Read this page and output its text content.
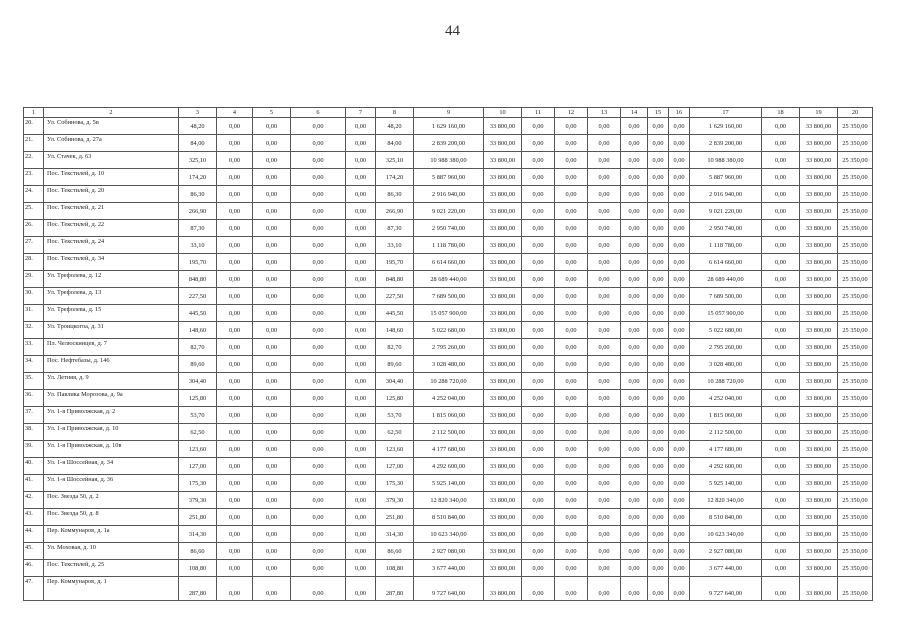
44
1	2	3	4	5	6	7	8	9	10	11	12	13	14	15	16	17	18	19	20
20.	Ул. Собинова, д. 5в	48,20	0,00	0,00	0,00	0,00	48,20	1 629 160,00	33 800,00	0,00	0,00	0,00	0,00	0,00	0,00	1 629 160,00	0,00	33 800,00	25 350,00
21.	Ул. Собинова, д. 27а	84,00	0,00	0,00	0,00	0,00	84,00	2 839 200,00	33 800,00	0,00	0,00	0,00	0,00	0,00	0,00	2 839 200,00	0,00	33 800,00	25 350,00
22.	Ул. Стачек, д. 63	325,10	0,00	0,00	0,00	0,00	325,10	10 988 380,00	33 800,00	0,00	0,00	0,00	0,00	0,00	0,00	10 988 380,00	0,00	33 800,00	25 350,00
23.	Пос. Текстилей, д. 10	174,20	0,00	0,00	0,00	0,00	174,20	5 887 960,00	33 800,00	0,00	0,00	0,00	0,00	0,00	0,00	5 887 960,00	0,00	33 800,00	25 350,00
24.	Пос. Текстилей, д. 20	86,30	0,00	0,00	0,00	0,00	86,30	2 916 940,00	33 800,00	0,00	0,00	0,00	0,00	0,00	0,00	2 916 940,00	0,00	33 800,00	25 350,00
25.	Пос. Текстилей, д. 21	266,90	0,00	0,00	0,00	0,00	266,90	9 021 220,00	33 800,00	0,00	0,00	0,00	0,00	0,00	0,00	9 021 220,00	0,00	33 800,00	25 350,00
26.	Пос. Текстилей, д. 22	87,30	0,00	0,00	0,00	0,00	87,30	2 950 740,00	33 800,00	0,00	0,00	0,00	0,00	0,00	0,00	2 950 740,00	0,00	33 800,00	25 350,00
27.	Пос. Текстилей, д. 24	33,10	0,00	0,00	0,00	0,00	33,10	1 118 780,00	33 800,00	0,00	0,00	0,00	0,00	0,00	0,00	1 118 780,00	0,00	33 800,00	25 350,00
28.	Пос. Текстилей, д. 34	195,70	0,00	0,00	0,00	0,00	195,70	6 614 660,00	33 800,00	0,00	0,00	0,00	0,00	0,00	0,00	6 614 660,00	0,00	33 800,00	25 350,00
29.	Ул. Трефолева, д. 12	848,80	0,00	0,00	0,00	0,00	848,80	28 689 440,00	33 800,00	0,00	0,00	0,00	0,00	0,00	0,00	28 689 440,00	0,00	33 800,00	25 350,00
30.	Ул. Трефолева, д. 13	227,50	0,00	0,00	0,00	0,00	227,50	7 689 500,00	33 800,00	0,00	0,00	0,00	0,00	0,00	0,00	7 689 500,00	0,00	33 800,00	25 350,00
31.	Ул. Трефолева, д. 15	445,50	0,00	0,00	0,00	0,00	445,50	15 057 900,00	33 800,00	0,00	0,00	0,00	0,00	0,00	0,00	15 057 900,00	0,00	33 800,00	25 350,00
32.	Ул. Троицкогоа, д. 31	148,60	0,00	0,00	0,00	0,00	148,60	5 022 680,00	33 800,00	0,00	0,00	0,00	0,00	0,00	0,00	5 022 680,00	0,00	33 800,00	25 350,00
33.	Пл. Челюскинцев, д. 7	82,70	0,00	0,00	0,00	0,00	82,70	2 795 260,00	33 800,00	0,00	0,00	0,00	0,00	0,00	0,00	2 795 260,00	0,00	33 800,00	25 350,00
34.	Пос. Нефтебазы, д. 146	89,60	0,00	0,00	0,00	0,00	89,60	3 028 480,00	33 800,00	0,00	0,00	0,00	0,00	0,00	0,00	3 028 480,00	0,00	33 800,00	25 350,00
35.	Ул. Летняя, д. 9	304,40	0,00	0,00	0,00	0,00	304,40	10 288 720,00	33 800,00	0,00	0,00	0,00	0,00	0,00	0,00	10 288 720,00	0,00	33 800,00	25 350,00
36.	Ул. Павлика Морозова, д. 9а	125,80	0,00	0,00	0,00	0,00	125,80	4 252 040,00	33 800,00	0,00	0,00	0,00	0,00	0,00	0,00	4 252 040,00	0,00	33 800,00	25 350,00
37.	Ул. 1-я Приволжская, д. 2	53,70	0,00	0,00	0,00	0,00	53,70	1 815 060,00	33 800,00	0,00	0,00	0,00	0,00	0,00	0,00	1 815 060,00	0,00	33 800,00	25 350,00
38.	Ул. 1-я Приволжская, д. 10	62,50	0,00	0,00	0,00	0,00	62,50	2 112 500,00	33 800,00	0,00	0,00	0,00	0,00	0,00	0,00	2 112 500,00	0,00	33 800,00	25 350,00
39.	Ул. 1-я Приволжская, д. 10в	123,60	0,00	0,00	0,00	0,00	123,60	4 177 680,00	33 800,00	0,00	0,00	0,00	0,00	0,00	0,00	4 177 680,00	0,00	33 800,00	25 350,00
40.	Ул. 1-я Шоссейная, д. 34	127,00	0,00	0,00	0,00	0,00	127,00	4 292 600,00	33 800,00	0,00	0,00	0,00	0,00	0,00	0,00	4 292 600,00	0,00	33 800,00	25 350,00
41.	Ул. 1-я Шоссейная, д. 36	175,30	0,00	0,00	0,00	0,00	175,30	5 925 140,00	33 800,00	0,00	0,00	0,00	0,00	0,00	0,00	5 925 140,00	0,00	33 800,00	25 350,00
42.	Пос. Звезда 50, д. 2	379,30	0,00	0,00	0,00	0,00	379,30	12 820 340,00	33 800,00	0,00	0,00	0,00	0,00	0,00	0,00	12 820 340,00	0,00	33 800,00	25 350,00
43.	Пос. Звезда 50, д. 8	251,80	0,00	0,00	0,00	0,00	251,80	8 510 840,00	33 800,00	0,00	0,00	0,00	0,00	0,00	0,00	8 510 840,00	0,00	33 800,00	25 350,00
44.	Пер. Коммунаров, д. 1а	314,30	0,00	0,00	0,00	0,00	314,30	10 623 340,00	33 800,00	0,00	0,00	0,00	0,00	0,00	0,00	10 623 340,00	0,00	33 800,00	25 350,00
45.	Ул. Моховая, д. 10	86,60	0,00	0,00	0,00	0,00	86,60	2 927 080,00	33 800,00	0,00	0,00	0,00	0,00	0,00	0,00	2 927 080,00	0,00	33 800,00	25 350,00
46.	Пос. Текстилей, д. 25	108,80	0,00	0,00	0,00	0,00	108,80	3 677 440,00	33 800,00	0,00	0,00	0,00	0,00	0,00	0,00	3 677 440,00	0,00	33 800,00	25 350,00
47.	Пер. Коммунаров, д. 1	287,80	0,00	0,00	0,00	0,00	287,80	9 727 640,00	33 800,00	0,00	0,00	0,00	0,00	0,00	0,00	9 727 640,00	0,00	33 800,00	25 350,00
